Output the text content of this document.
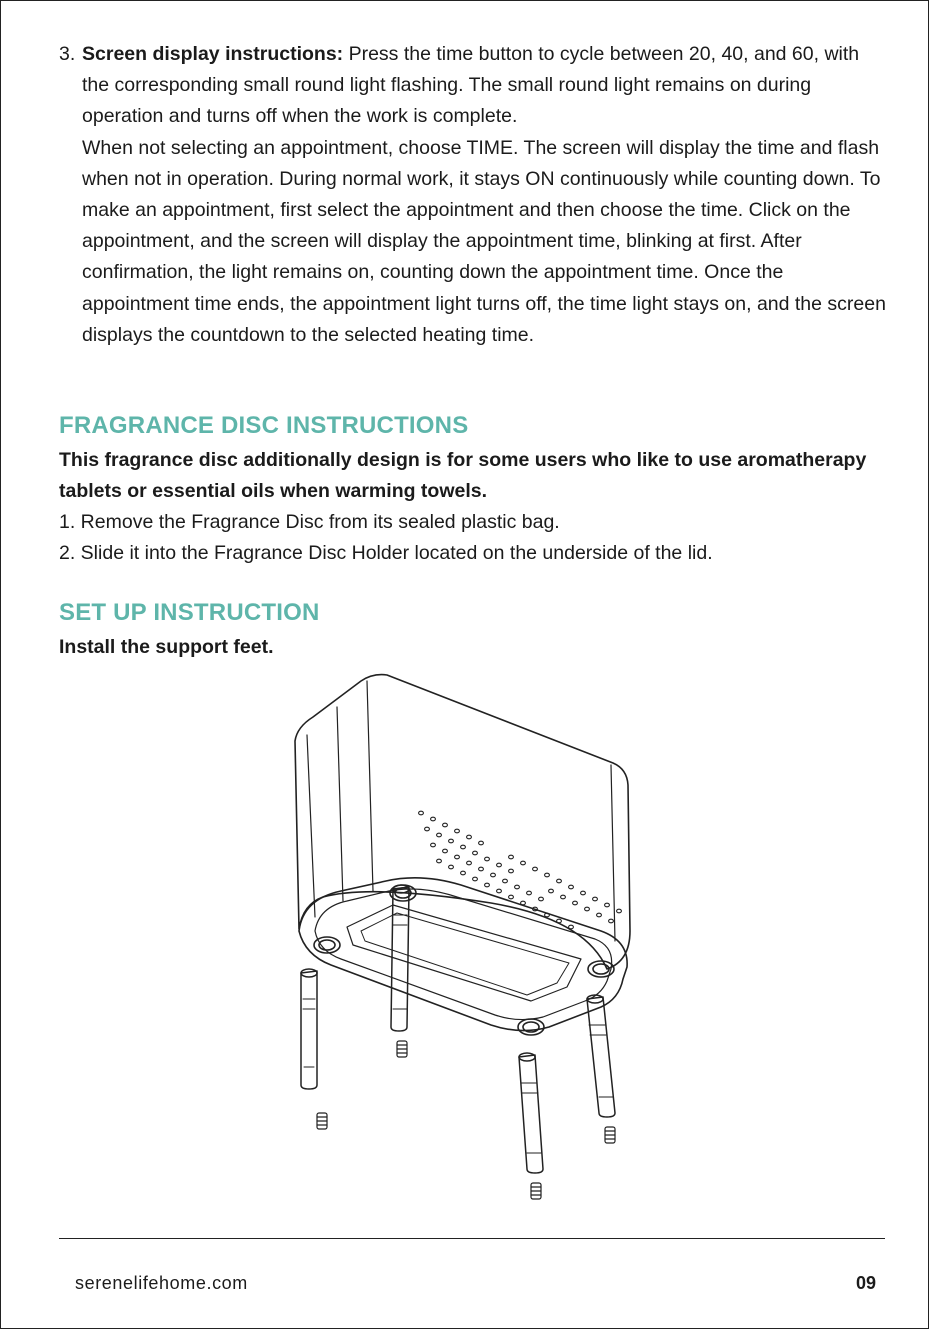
3. Screen display instructions: Press the time button to cycle between 20, 40, and 60, with the corresponding small round light flashing. The small round light remains on during operation and turns off when the work is complete.
When not selecting an appointment, choose TIME. The screen will display the time and flash when not in operation. During normal work, it stays ON continuously while counting down. To make an appointment, first select the appointment and then choose the time. Click on the appointment, and the screen will display the appointment time, blinking at first. After confirmation, the light remains on, counting down the appointment time. Once the appointment time ends, the appointment light turns off, the time light stays on, and the screen displays the countdown to the selected heating time.
FRAGRANCE DISC INSTRUCTIONS
This fragrance disc additionally design is for some users who like to use aromatherapy tablets or essential oils when warming towels.
1. Remove the Fragrance Disc from its sealed plastic bag.
2. Slide it into the Fragrance Disc Holder located on the underside of the lid.
SET UP INSTRUCTION
Install the support feet.
serenelifehome.com	09
